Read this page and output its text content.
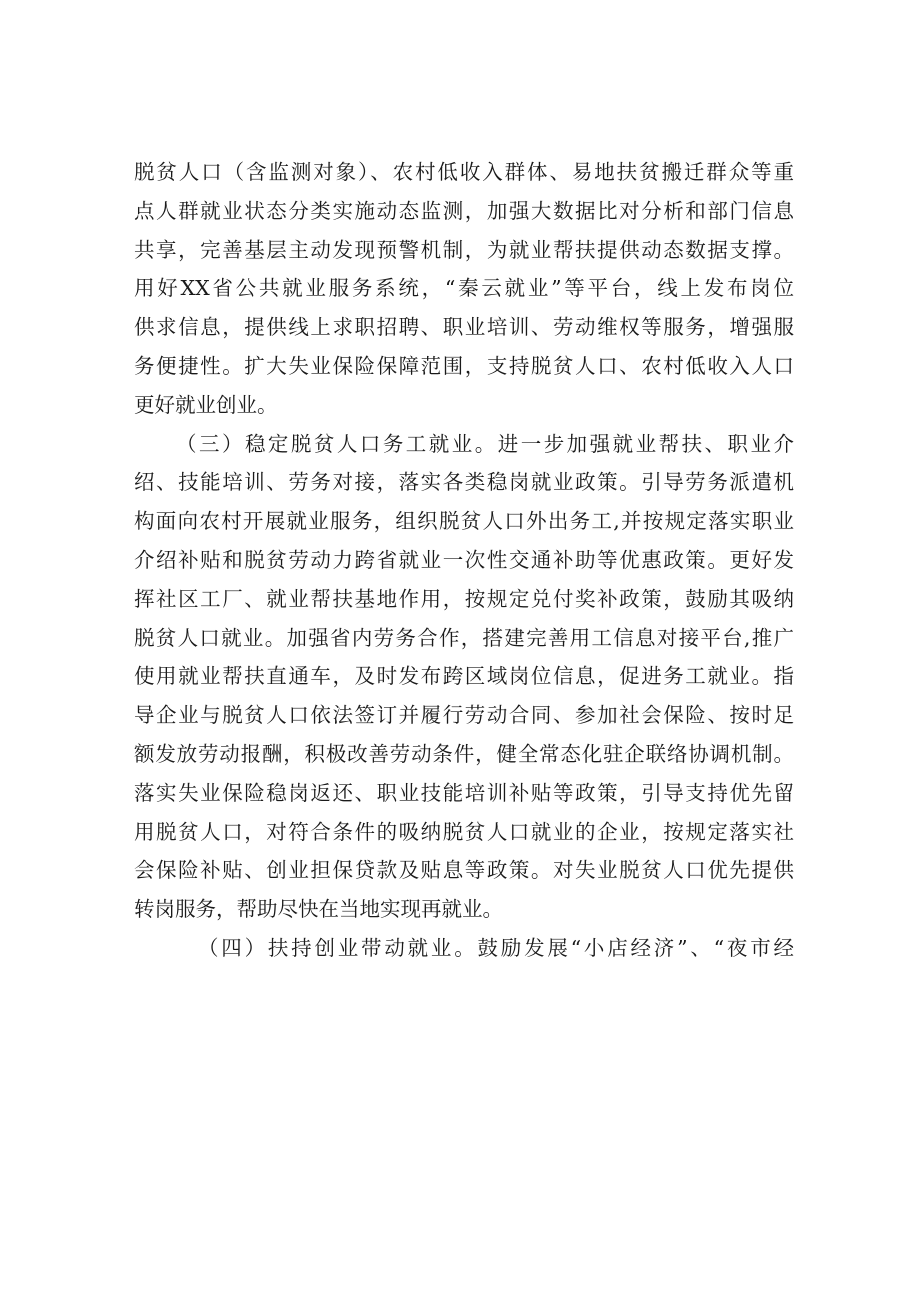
脱贫人口（含监测对象）、农村低收入群体、易地扶贫搬迁群众等重
点人群就业状态分类实施动态监测，加强大数据比对分析和部门信息
共享，完善基层主动发现预警机制，为就业帮扶提供动态数据支撑。
用好XX省公共就业服务系统，“秦云就业”等平台，线上发布岗位
供求信息，提供线上求职招聘、职业培训、劳动维权等服务，增强服
务便捷性。扩大失业保险保障范围，支持脱贫人口、农村低收入人口
更好就业创业。
（三）稳定脱贫人口务工就业。进一步加强就业帮扶、职业介
绍、技能培训、劳务对接，落实各类稳岗就业政策。引导劳务派遣机
构面向农村开展就业服务，组织脱贫人口外出务工,并按规定落实职业
介绍补贴和脱贫劳动力跨省就业一次性交通补助等优惠政策。更好发
挥社区工厂、就业帮扶基地作用，按规定兑付奖补政策，鼓励其吸纳
脱贫人口就业。加强省内劳务合作，搭建完善用工信息对接平台,推广
使用就业帮扶直通车，及时发布跨区域岗位信息，促进务工就业。指
导企业与脱贫人口依法签订并履行劳动合同、参加社会保险、按时足
额发放劳动报酬，积极改善劳动条件，健全常态化驻企联络协调机制。
落实失业保险稳岗返还、职业技能培训补贴等政策，引导支持优先留
用脱贫人口，对符合条件的吸纳脱贫人口就业的企业，按规定落实社
会保险补贴、创业担保贷款及贴息等政策。对失业脱贫人口优先提供
转岗服务，帮助尽快在当地实现再就业。
（四）扶持创业带动就业。鼓励发展“小店经济”、“夜市经
